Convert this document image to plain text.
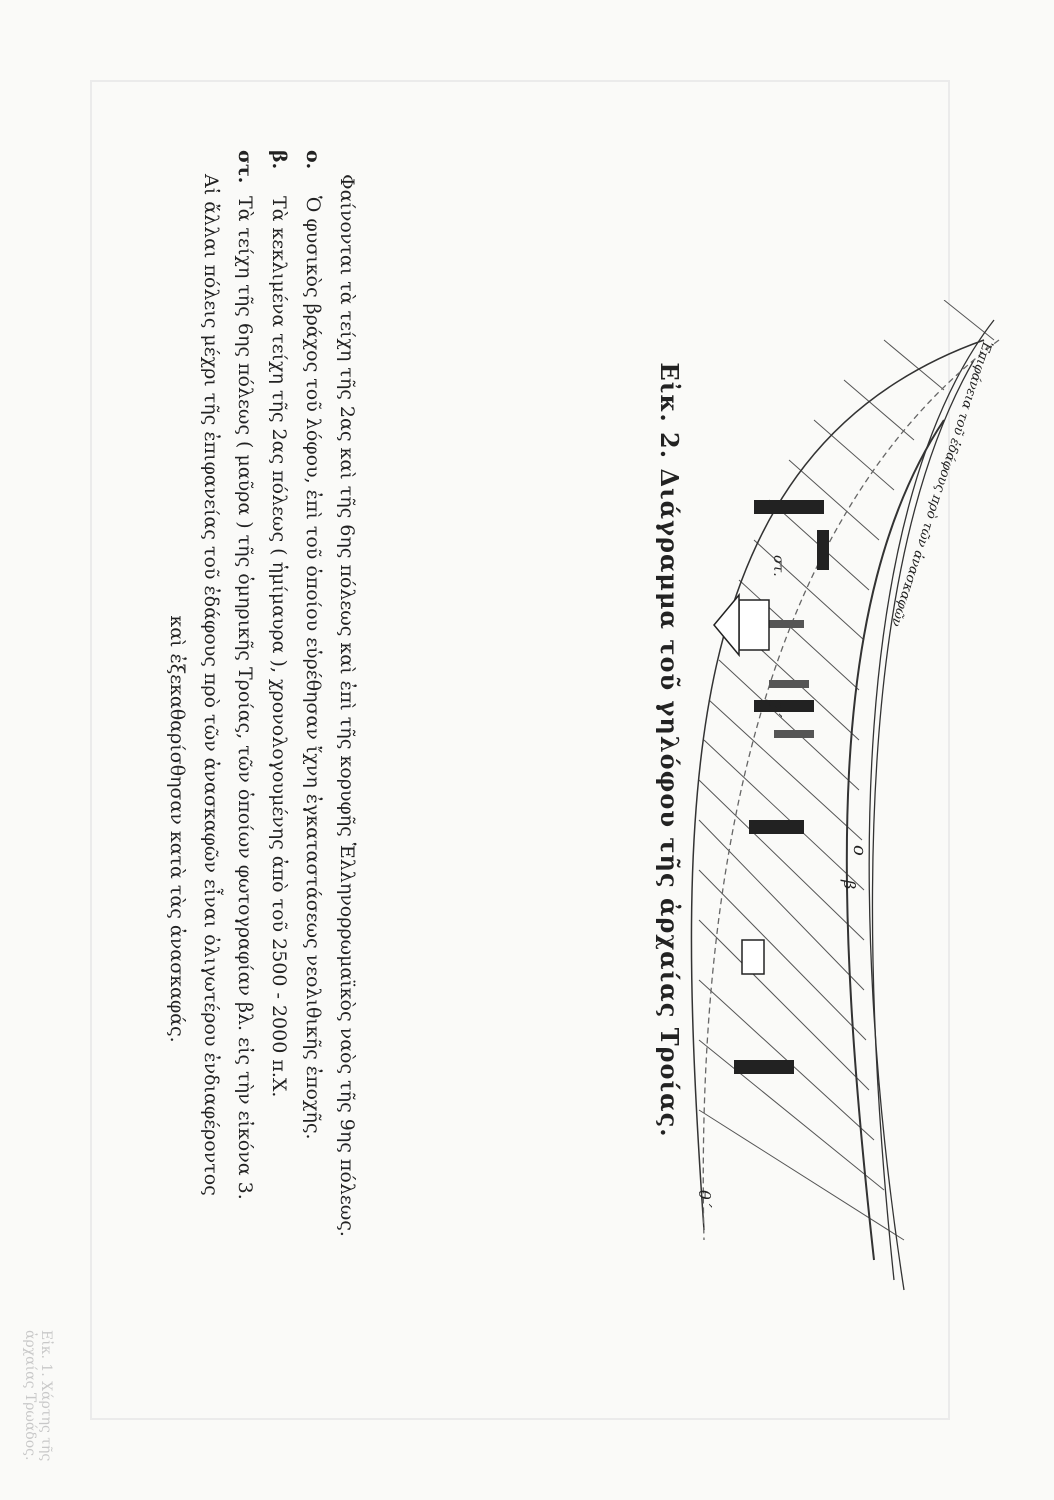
Ἐπιφάνεια τοῦ ἐδάφους πρὸ τῶν ἀνασκαφῶν
στ.
β΄
ο
β
θ΄
Εἰκ. 2. Διάγραμμα τοῦ γηλόφου τῆς ἀρχαίας Τροίας.
Φαίνονται τὰ τείχη τῆς 2ας καὶ τῆς 6ης πόλεως καὶ ἐπὶ τῆς κορυφῆς Ἑλληνορρωμαϊκὸς ναὸς τῆς 9ης πόλεως.
ο.Ὁ φυσικὸς βράχος τοῦ λόφου, ἐπὶ τοῦ ὁποίου εὑρέθησαν ἴχνη ἐγκαταστάσεως νεολιθικῆς ἐποχῆς.
β.Τὰ κεκλιμένα τείχη τῆς 2ας πόλεως ( ἡμίμαυρα ), χρονολογουμένης ἀπὸ τοῦ 2500 - 2000 π.Χ.
στ.Τὰ τείχη τῆς 6ης πόλεως ( μαῦρα ) τῆς ὁμηρικῆς Τροίας, τῶν ὁποίων φωτογραφίαν βλ. εἰς τὴν εἰκόνα 3.
Αἱ ἄλλαι πόλεις μέχρι τῆς ἐπιφανείας τοῦ ἐδάφους πρὸ τῶν ἀνασκαφῶν εἶναι ὀλιγωτέρου ἐνδιαφέροντος
καὶ ἐξεκαθαρίσθησαν κατὰ τὰς ἀνασκαφάς.
Εἰκ. 1. Χάρτης τῆς ἀρχαίας Τρωάδος.
